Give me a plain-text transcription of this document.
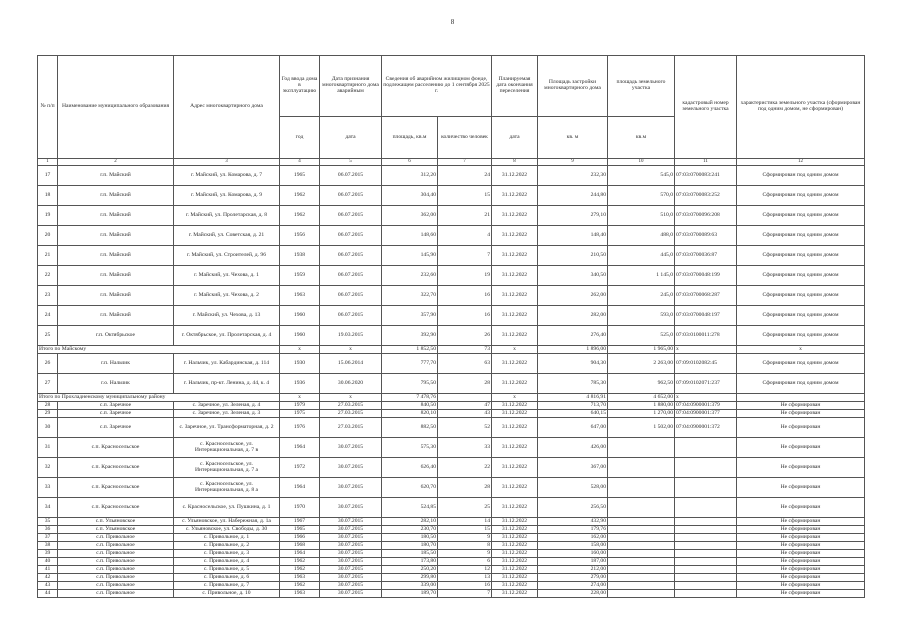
8
№ п/п	Наименование муниципального образования	Адрес многоквартирного дома	Год ввода дома в эксплуатацию	Дата признания многоквартирного дома аварийным	Сведения об аварийном жилищном фонде, подлежащем расселению до 1 сентября 2025 г.		Планируемая дата окончания переселения	Площадь застройки многоквартирного дома	площадь земельного участка	кадастровый номер земельного участка	характеристика земельного участка (сформирован под одним домом, не сформирован)
			год	дата	площадь, кв.м	количество человек	дата	кв. м	кв.м		
1	2	3	4	5	6	7	8	9	10	11	12
17	г.п. Майский	г. Майский, ул. Комарова, д. 7	1965	06.07.2015	312,20	24	31.12.2022	232,30	545,0	07:03:0700083:241	Сформирован под одним домом
18	г.п. Майский	г. Майский, ул. Комарова, д. 9	1962	06.07.2015	304,40	15	31.12.2022	244,80	570,0	07:03:0700083:252	Сформирован под одним домом
19	г.п. Майский	г. Майский, ул. Пролетарская, д. 8	1962	06.07.2015	362,00	21	31.12.2022	279,10	510,0	07:03:0700096:208	Сформирован под одним домом
20	г.п. Майский	г. Майский, ул. Советская, д. 21	1956	06.07.2015	148,60	4	31.12.2022	148,40	488,0	07:03:0700089:63	Сформирован под одним домом
21	г.п. Майский	г. Майский, ул. Строителей, д. 96	1938	06.07.2015	145,90	7	31.12.2022	210,50	445,0	07:03:0700036:87	Сформирован под одним домом
22	г.п. Майский	г. Майский, ул. Чехова, д. 1	1959	06.07.2015	232,60	19	31.12.2022	340,50	1 145,0	07:03:0700048:199	Сформирован под одним домом
23	г.п. Майский	г. Майский, ул. Чехова, д. 2	1963	06.07.2015	322,70	16	31.12.2022	262,00	245,0	07:03:0700068:287	Сформирован под одним домом
24	г.п. Майский	г. Майский, ул. Чехова, д. 13	1960	06.07.2015	357,90	16	31.12.2022	282,00	593,0	07:03:0700048:197	Сформирован под одним домом
25	г.п. Октябрьское	г. Октябрьское, ул. Пролетарская, д. 4	1960	19.03.2015	392,90	26	31.12.2022	276,40	525,0	07:03:0100011:278	Сформирован под одним домом
Итого по Майскому			х	х	1 852,50	73	х	1 896,00	1 965,00	х	х
26	г.п. Нальчик	г. Нальчик, ул. Кабардинская, д. 114	1930	15.06.2014	777,70	63	31.12.2022	904,30	2 263,00	07:09:0102082:45	Сформирован под одним домом
27	г.о. Нальчик	г. Нальчик, пр-кт. Ленина, д. 44, к. 4	1936	30.06.2020	795,50	28	31.12.2022	785,30	962,50	07:09:0102071:237	Сформирован под одним домом
Итого по Прохладненскому муниципальному району			х	х	7 478,76		х	4 816,91	4 652,00	х	
28	с.п. Заречное	с. Заречное, ул. Зеленая, д. 4	1979	27.03.2015	840,50	47	31.12.2022	713,70	1 880,00	07:04:0900001:379	Не сформирован
29	с.п. Заречное	с. Заречное, ул. Зеленая, д. 3	1975	27.03.2015	820,10	43	31.12.2022	640,15	1 270,00	07:04:0900001:377	Не сформирован
30	с.п. Заречное	с. Заречное, ул. Трансформаторная, д. 2	1976	27.03.2015	882,50	52	31.12.2022	647,00	1 502,00	07:04:0900001:372	Не сформирован
31	с.п. Красносельское	с. Красносельское, ул. Интернациональная, д. 7 в	1964	30.07.2015	575,30	33	31.12.2022	426,00			Не сформирован
32	с.п. Красносельское	с. Красносельское, ул. Интернациональная, д. 7 а	1972	30.07.2015	626,40	22	31.12.2022	367,00			Не сформирован
33	с.п. Красносельское	с. Красносельское, ул. Интернациональная, д. 8 а	1964	30.07.2015	620,70	28	31.12.2022	528,00			Не сформирован
34	с.п. Красносельское	с. Красносельское, ул. Пушкина, д. 1	1970	30.07.2015	524,85	25	31.12.2022	256,50			Не сформирован
35	с.п. Ульяновское	с. Ульяновское, ул. Набережная, д. 1а	1967	30.07.2015	282,10	14	31.12.2022	432,90			Не сформирован
36	с.п. Ульяновское	с. Ульяновское, ул. Свободы, д. 30	1965	30.07.2015	230,70	15	31.12.2022	179,76			Не сформирован
37	с.п. Привольное	с. Привольное, д. 1	1966	30.07.2015	180,50	9	31.12.2022	162,00			Не сформирован
38	с.п. Привольное	с. Привольное, д. 2	1968	30.07.2015	180,70	8	31.12.2022	158,00			Не сформирован
39	с.п. Привольное	с. Привольное, д. 3	1964	30.07.2015	185,50	9	31.12.2022	160,00			Не сформирован
40	с.п. Привольное	с. Привольное, д. 4	1962	30.07.2015	173,80	6	31.12.2022	187,00			Не сформирован
41	с.п. Привольное	с. Привольное, д. 5	1962	30.07.2015	250,20	12	31.12.2022	212,00			Не сформирован
42	с.п. Привольное	с. Привольное, д. 6	1963	30.07.2015	299,80	13	31.12.2022	279,00			Не сформирован
43	с.п. Привольное	с. Привольное, д. 7	1962	30.07.2015	339,00	16	31.12.2022	274,00			Не сформирован
44	с.п. Привольное	с. Привольное, д. 10	1963	30.07.2015	189,70	7	31.12.2022	228,00			Не сформирован
